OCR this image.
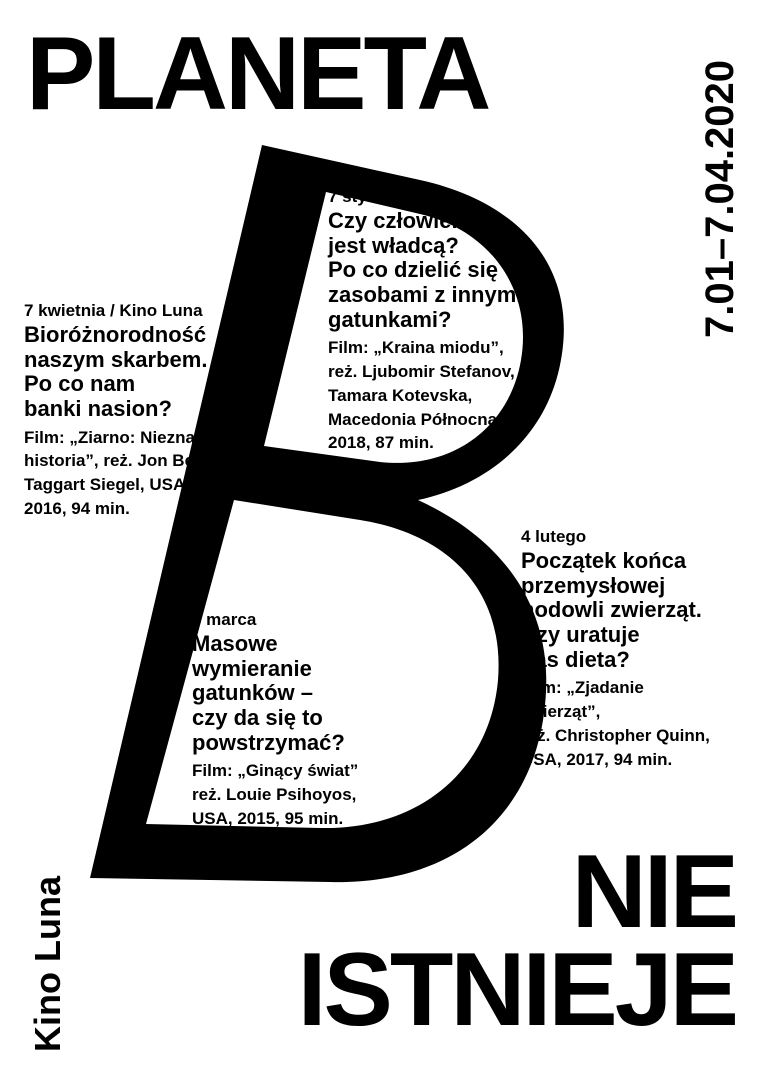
PLANETA
NIE
ISTNIEJE
7.01–7.04.2020
Kino Luna
7 stycznia
Czy człowiek
jest władcą?
Po co dzielić się
zasobami z innymi
gatunkami?
Film: „Kraina miodu”,
reż. Ljubomir Stefanov,
Tamara Kotevska,
Macedonia Północna
2018, 87 min.
7 kwietnia / Kino Luna
Bioróżnorodność
naszym skarbem.
Po co nam
banki nasion?
Film: „Ziarno: Nieznana
historia”, reż. Jon Betz,
Taggart Siegel, USA,
2016, 94 min.
4 lutego
Początek końca
przemysłowej
hodowli zwierząt.
Czy uratuje
nas dieta?
Film: „Zjadanie
zwierząt”,
reż. Christopher Quinn,
USA, 2017, 94 min.
3 marca
Masowe
wymieranie
gatunków –
czy da się to
powstrzymać?
Film: „Ginący świat”
reż. Louie Psihoyos,
USA, 2015, 95 min.
